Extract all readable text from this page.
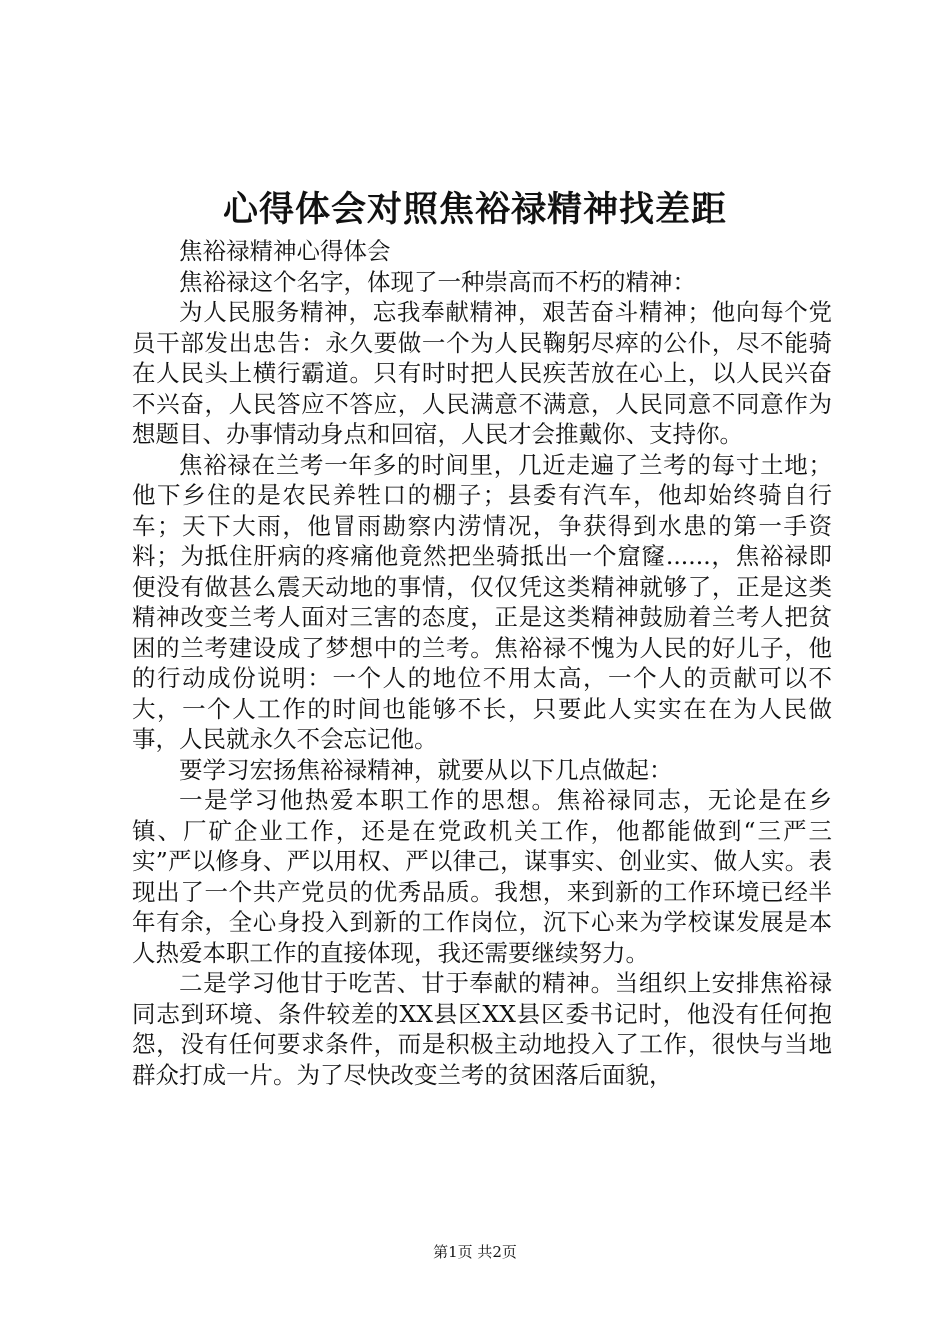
心得体会对照焦裕禄精神找差距

焦裕禄精神心得体会

焦裕禄这个名字，体现了一种崇高而不朽的精神：

为人民服务精神，忘我奉献精神，艰苦奋斗精神；他向每个党员干部发出忠告：永久要做一个为人民鞠躬尽瘁的公仆，尽不能骑在人民头上横行霸道。只有时时把人民疾苦放在心上，以人民兴奋不兴奋，人民答应不答应，人民满意不满意，人民同意不同意作为想题目、办事情动身点和回宿，人民才会推戴你、支持你。

焦裕禄在兰考一年多的时间里，几近走遍了兰考的每寸土地；他下乡住的是农民养牲口的棚子；县委有汽车，他却始终骑自行车；天下大雨，他冒雨勘察内涝情况，争获得到水患的第一手资料；为抵住肝病的疼痛他竟然把坐骑抵出一个窟窿......，焦裕禄即便没有做甚么震天动地的事情，仅仅凭这类精神就够了，正是这类精神改变兰考人面对三害的态度，正是这类精神鼓励着兰考人把贫困的兰考建设成了梦想中的兰考。焦裕禄不愧为人民的好儿子，他的行动成份说明：一个人的地位不用太高，一个人的贡献可以不大，一个人工作的时间也能够不长，只要此人实实在在为人民做事，人民就永久不会忘记他。

要学习宏扬焦裕禄精神，就要从以下几点做起：

一是学习他热爱本职工作的思想。焦裕禄同志，无论是在乡镇、厂矿企业工作，还是在党政机关工作，他都能做到“三严三实”严以修身、严以用权、严以律己，谋事实、创业实、做人实。表现出了一个共产党员的优秀品质。我想，来到新的工作环境已经半年有余，全心身投入到新的工作岗位，沉下心来为学校谋发展是本人热爱本职工作的直接体现，我还需要继续努力。

二是学习他甘于吃苦、甘于奉献的精神。当组织上安排焦裕禄同志到环境、条件较差的XX县区XX县区委书记时，他没有任何抱怨，没有任何要求条件，而是积极主动地投入了工作，很快与当地群众打成一片。为了尽快改变兰考的贫困落后面貌，

第1页 共2页
